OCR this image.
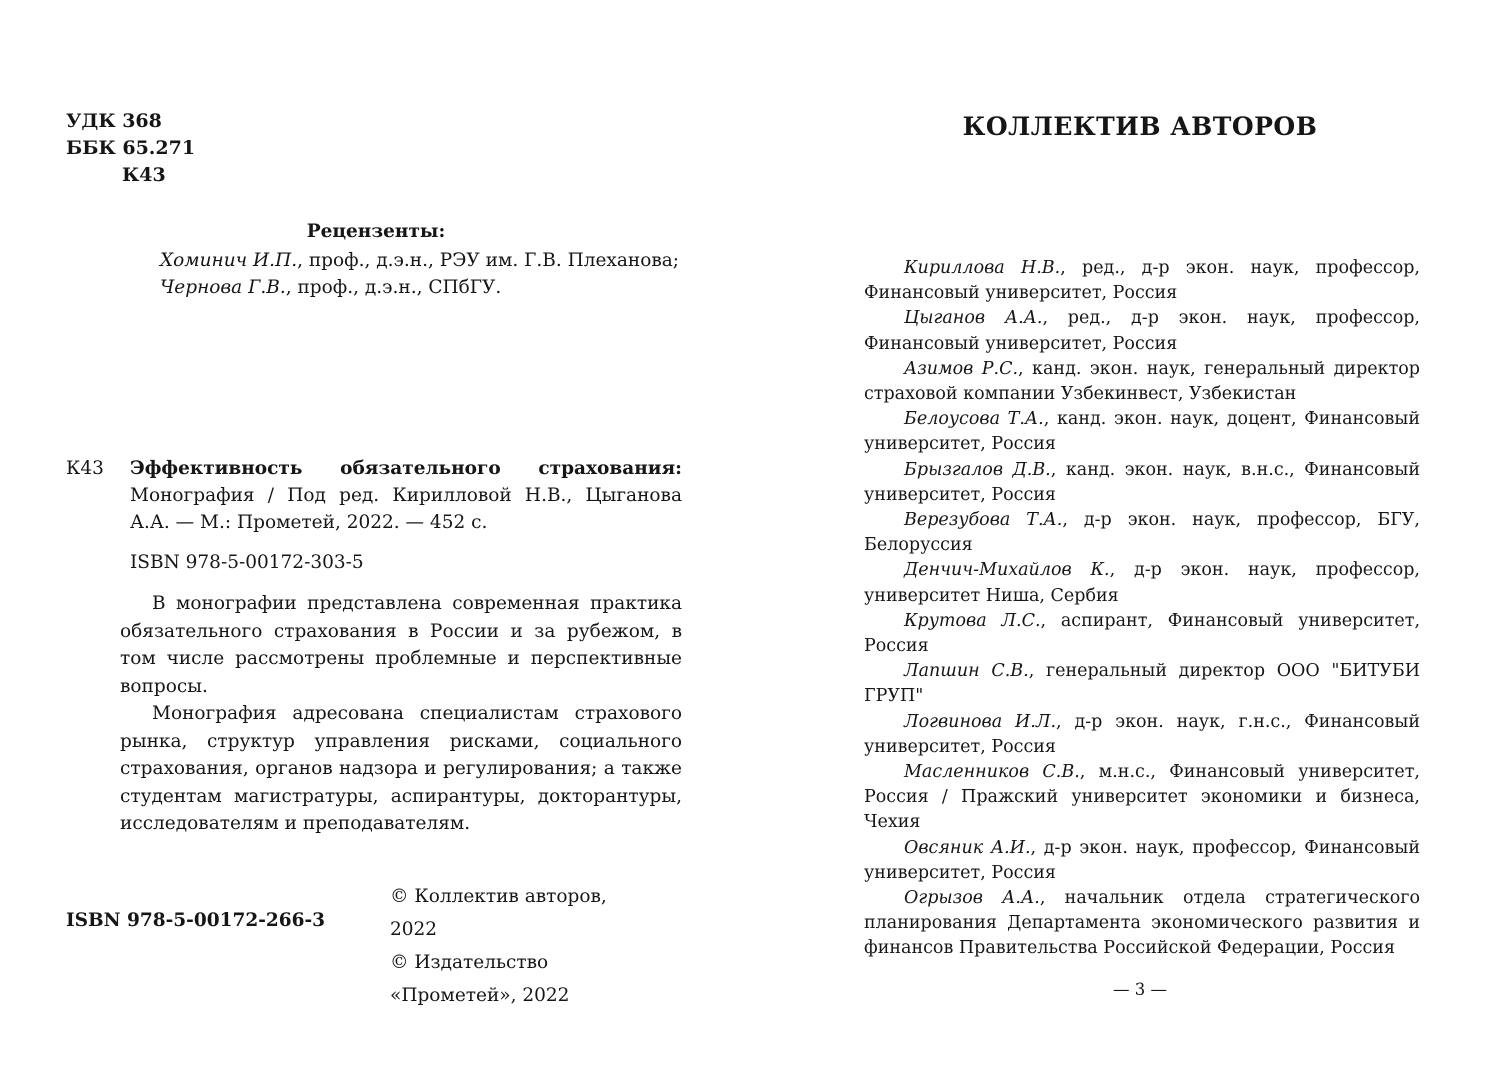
УДК 368
ББК 65.271
К43
Рецензенты:

Хоминич И.П., проф., д.э.н., РЭУ им. Г.В. Плеханова;

Чернова Г.В., проф., д.э.н., СПбГУ.

К43 Эффективность обязательного страхования: Монография / Под ред. Кирилловой Н.В., Цыганова А.А. — М.: Прометей, 2022. — 452 с.

ISBN 978-5-00172-303-5

В монографии представлена современная практика обязательного страхования в России и за рубежом, в том числе рассмотрены проблемные и перспективные вопросы.

Монография адресована специалистам страхового рынка, структур управления рисками, социального страхования, органов надзора и регулирования; а также студентам магистратуры, аспирантуры, докторантуры, исследователям и преподавателям.

ISBN 978-5-00172-266-3
© Коллектив авторов, 2022
© Издательство «Прометей», 2022
КОЛЛЕКТИВ АВТОРОВ

Кириллова Н.В., ред., д-р экон. наук, профессор, Финансовый университет, Россия

Цыганов А.А., ред., д-р экон. наук, профессор, Финансовый университет, Россия

Азимов Р.С., канд. экон. наук, генеральный директор страховой компании Узбекинвест, Узбекистан

Белоусова Т.А., канд. экон. наук, доцент, Финансовый университет, Россия

Брызгалов Д.В., канд. экон. наук, в.н.с., Финансовый университет, Россия

Верезубова Т.А., д-р экон. наук, профессор, БГУ, Белоруссия

Денчич-Михайлов К., д-р экон. наук, профессор, университет Ниша, Сербия

Крутова Л.С., аспирант, Финансовый университет, Россия

Лапшин С.В., генеральный директор ООО "БИТУБИ ГРУП"

Логвинова И.Л., д-р экон. наук, г.н.с., Финансовый университет, Россия

Масленников С.В., м.н.с., Финансовый университет, Россия / Пражский университет экономики и бизнеса, Чехия

Овсяник А.И., д-р экон. наук, профессор, Финансовый университет, Россия

Огрызов А.А., начальник отдела стратегического планирования Департамента экономического развития и финансов Правительства Российской Федерации, Россия

— 3 —
